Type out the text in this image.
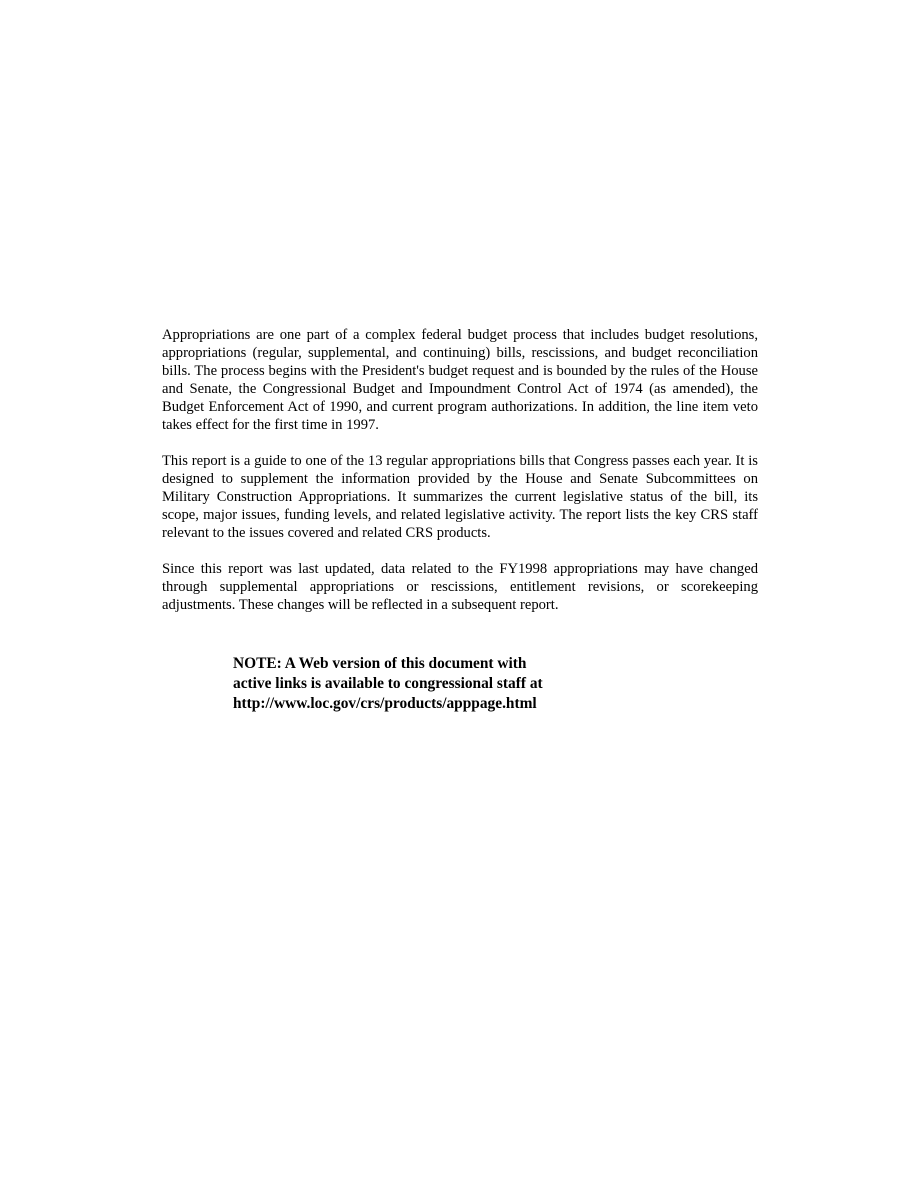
Appropriations are one part of a complex federal budget process that includes budget resolutions, appropriations (regular, supplemental, and continuing) bills, rescissions, and budget reconciliation bills. The process begins with the President's budget request and is bounded by the rules of the House and Senate, the Congressional Budget and Impoundment Control Act of 1974 (as amended), the Budget Enforcement Act of 1990, and current program authorizations. In addition, the line item veto takes effect for the first time in 1997.

This report is a guide to one of the 13 regular appropriations bills that Congress passes each year. It is designed to supplement the information provided by the House and Senate Subcommittees on Military Construction Appropriations. It summarizes the current legislative status of the bill, its scope, major issues, funding levels, and related legislative activity. The report lists the key CRS staff relevant to the issues covered and related CRS products.

Since this report was last updated, data related to the FY1998 appropriations may have changed through supplemental appropriations or rescissions, entitlement revisions, or scorekeeping adjustments. These changes will be reflected in a subsequent report.

NOTE: A Web version of this document with
active links is available to congressional staff at
http://www.loc.gov/crs/products/apppage.html
